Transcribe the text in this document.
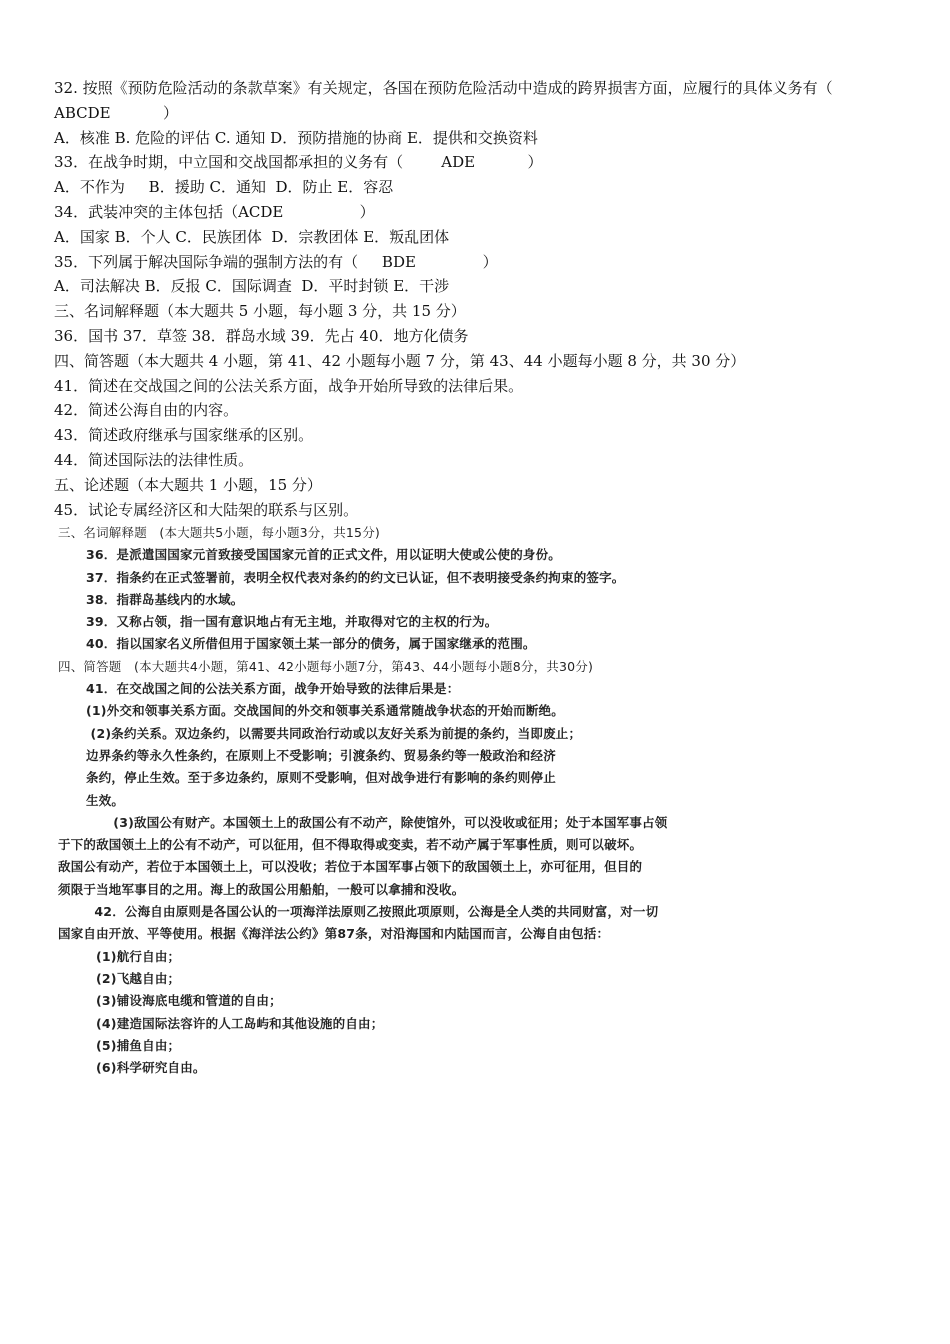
32. 按照《预防危险活动的条款草案》有关规定，各国在预防危险活动中造成的跨界损害方面，应履行的具体义务有（
ABCDE           ）
A．核准 B. 危险的评估 C. 通知 D．预防措施的协商 E．提供和交换资料
33．在战争时期，中立国和交战国都承担的义务有（        ADE           ）
A．不作为     B．援助 C．通知  D．防止 E．容忍
34．武装冲突的主体包括（ACDE                ）
A．国家 B．个人 C．民族团体  D．宗教团体 E．叛乱团体
35．下列属于解决国际争端的强制方法的有（     BDE              ）
A．司法解决 B．反报 C．国际调查  D．平时封锁 E．干涉
三、名词解释题（本大题共 5 小题，每小题 3 分，共 15 分）
36．国书 37．草签 38．群岛水域 39．先占 40．地方化债务
四、简答题（本大题共 4 小题，第 41、42 小题每小题 7 分，第 43、44 小题每小题 8 分，共 30 分）
41．简述在交战国之间的公法关系方面，战争开始所导致的法律后果。
42．简述公海自由的内容。
43．简述政府继承与国家继承的区别。
44．简述国际法的法律性质。
五、论述题（本大题共 1 小题，15 分）
45．试论专属经济区和大陆架的联系与区别。
三、名词解释题   (本大题共5小题，每小题3分，共15分)
36．是派遣国国家元首致接受国国家元首的正式文件，用以证明大使或公使的身份。
37．指条约在正式签署前，表明全权代表对条约的约文已认证，但不表明接受条约拘束的签字。
38．指群岛基线内的水域。
39．又称占领，指一国有意识地占有无主地，并取得对它的主权的行为。
40．指以国家名义所借但用于国家领土某一部分的债务，属于国家继承的范围。
四、简答题   (本大题共4小题，第41、42小题每小题7分，第43、44小题每小题8分，共30分)
41．在交战国之间的公法关系方面，战争开始导致的法律后果是：
(1)外交和领事关系方面。交战国间的外交和领事关系通常随战争状态的开始而断绝。
(2)条约关系。双边条约，以需要共同政治行动或以友好关系为前提的条约，当即废止；
边界条约等永久性条约，在原则上不受影响；引渡条约、贸易条约等一般政治和经济
条约，停止生效。至于多边条约，原则不受影响，但对战争进行有影响的条约则停止
生效。
(3)敌国公有财产。本国领土上的敌国公有不动产，除使馆外，可以没收或征用；处于本国军事占领
于下的敌国领土上的公有不动产，可以征用，但不得取得或变卖，若不动产属于军事性质，则可以破坏。
敌国公有动产，若位于本国领土上，可以没收；若位于本国军事占领下的敌国领土上，亦可征用，但目的
须限于当地军事目的之用。海上的敌国公用船舶，一般可以拿捕和没收。
42．公海自由原则是各国公认的一项海洋法原则乙按照此项原则，公海是全人类的共同财富，对一切
国家自由开放、平等使用。根据《海洋法公约》第87条，对沿海国和内陆国而言，公海自由包括：
(1)航行自由；
(2)飞越自由；
(3)铺设海底电缆和管道的自由；
(4)建造国际法容许的人工岛屿和其他设施的自由；
(5)捕鱼自由；
(6)科学研究自由。
